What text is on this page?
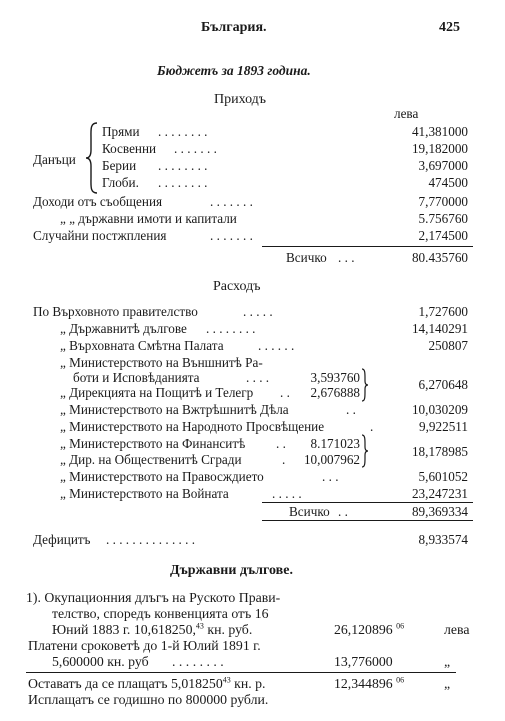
България.	425
Бюджетъ за 1893 година.
Приходъ
лева
Данъци
Прями . . . . . . . .	41,381000
Косвенни . . . . . . .	19,182000
Берии . . . . . . . .	3,697000
Глоби. . . . . . . . .	474500
Доходи отъ съобщения	. . . . . . .	7,770000
„ „ държавни имоти и капитали	5.756760
Случайни постжпления	. . . . . . .	2,174500
Всичко . . .	80.435760
Расходъ
По Върховното правителство	. . . . .	1,727600
„ Държавнитѣ дългове . . . . . . . .	14,140291
„ Върховната Смѣтна Палата	. . . . . .	250807
„ Министерството на Външнитѣ Ра-
боти и Исповѣданията	. . . .	3,593760
„ Дирекцията на Пощитѣ и Телегр . . 2,676888
6,270648
„ Министерството на Вжтрѣшнитѣ Дѣла	. .	10,030209
„ Министерството на Народното Просвѣщение	.	9,922511
„ Министерството на Финанситѣ . . 8.171023
„ Дир. на Общественитѣ Сгради	. 10,007962
18,178985
„ Министерството на Правосждието	. . .	5,601052
„ Министерството на Войната	. . . . .	23,247231
Всичко . .	89,369334
Дефицитъ . . . . . . . . . . . . . .	8,933574
Държавни дългове.
1). Окупационния длъгъ на Руското Прави-
телство, споредъ конвенцията отъ 16
Юний 1883 г. 10,618250,43 кн. руб.	26,120896 $^{06}$	лева
Платени сроковетѣ до 1-й Юлий 1891 г.
5,600000 кн. руб . . . . . . . .	13,776000	„
Оставатъ да се плащатъ 5,018250$^{43}$ кн. р.	12,344896 $^{06}$	„
Исплащатъ се годишно по 800000 рубли.
